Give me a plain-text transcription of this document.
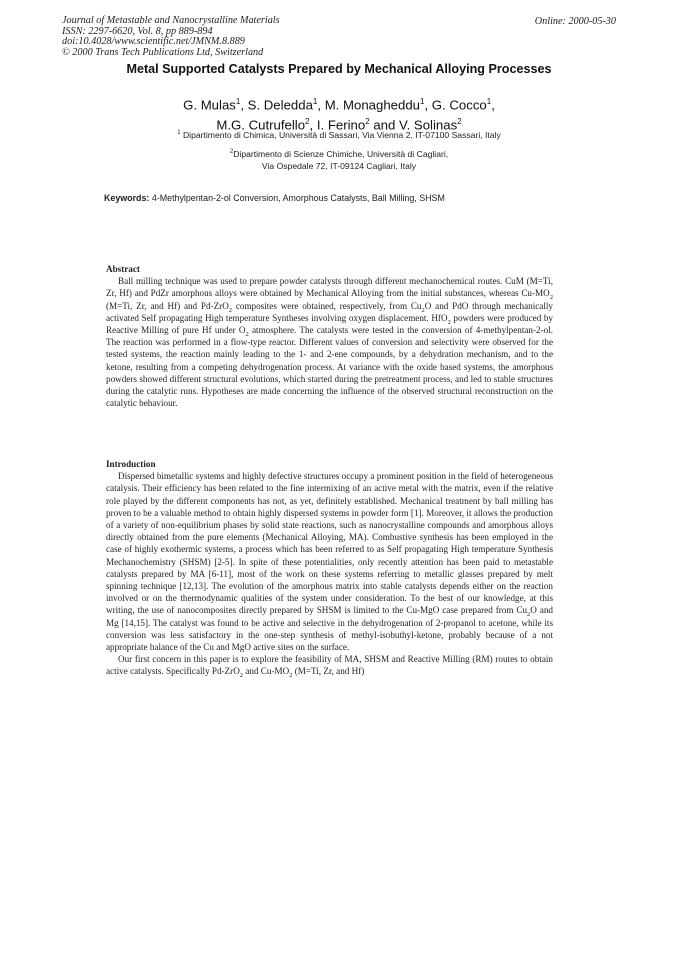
Journal of Metastable and Nanocrystalline Materials
ISSN: 2297-6620, Vol. 8, pp 889-894
doi:10.4028/www.scientific.net/JMNM.8.889
© 2000 Trans Tech Publications Ltd, Switzerland
Online: 2000-05-30
Metal Supported Catalysts Prepared by Mechanical Alloying Processes
G. Mulas$^1$, S. Deledda$^1$, M. Monagheddu$^1$, G. Cocco$^1$,
M.G. Cutrufello$^2$, I. Ferino$^2$ and V. Solinas$^2$
$^1$ Dipartimento di Chimica, Università di Sassari, Via Vienna 2, IT-07100 Sassari, Italy
$^2$Dipartimento di Scienze Chimiche, Università di Cagliari,
Via Ospedale 72, IT-09124 Cagliari, Italy
Keywords: 4-Methylpentan-2-ol Conversion, Amorphous Catalysts, Ball Milling, SHSM
Abstract

Ball milling technique was used to prepare powder catalysts through different mechanochemical routes. CuM (M=Ti, Zr, Hf) and PdZr amorphous alloys were obtained by Mechanical Alloying from the initial substances, whereas $Cu-MO_2$ (M=Ti, Zr, and Hf) and Pd-ZrO$_2$ composites were obtained, respectively, from $Cu_2O$ and PdO through mechanically activated Self propagating High temperature Syntheses involving oxygen displacement. HfO$_2$ powders were produced by Reactive Milling of pure Hf under $O_2$ atmosphere. The catalysts were tested in the conversion of 4-methylpentan-2-ol. The reaction was performed in a flow-type reactor. Different values of conversion and selectivity were observed for the tested systems, the reaction mainly leading to the 1- and 2-ene compounds, by a dehydration mechanism, and to the ketone, resulting from a competing dehydrogenation process. At variance with the oxide based systems, the amorphous powders showed different structural evolutions, which started during the pretreatment process, and led to stable structures during the catalytic runs. Hypotheses are made concerning the influence of the observed structural reconstruction on the catalytic behaviour.

Introduction

Dispersed bimetallic systems and highly defective structures occupy a prominent position in the field of heterogeneous catalysis. Their efficiency has been related to the fine intermixing of an active metal with the matrix, even if the relative role played by the different components has not, as yet, definitely established. Mechanical treatment by ball milling has proven to be a valuable method to obtain highly dispersed systems in powder form [1]. Moreover, it allows the production of a variety of non-equilibrium phases by solid state reactions, such as nanocrystalline compounds and amorphous alloys directly obtained from the pure elements (Mechanical Alloying, MA). Combustive synthesis has been employed in the case of highly exothermic systems, a process which has been referred to as Self propagating High temperature Synthesis Mechanochemistry (SHSM) [2-5]. In spite of these potentialities, only recently attention has been paid to metastable catalysts prepared by MA [6-11], most of the work on these systems referring to metallic glasses prepared by melt spinning technique [12,13]. The evolution of the amorphous matrix into stable catalysts depends either on the reaction involved or on the thermodynamic qualities of the system under consideration. To the best of our knowledge, at this writing, the use of nanocomposites directly prepared by SHSM is limited to the Cu-MgO case prepared from $Cu_2O$ and Mg [14,15]. The catalyst was found to be active and selective in the dehydrogenation of 2-propanol to acetone, while its conversion was less satisfactory in the one-step synthesis of methyl-isobuthyl-ketone, probably because of a not appropriate balance of the Cu and MgO active sites on the surface.

Our first concern in this paper is to explore the feasibility of MA, SHSM and Reactive Milling (RM) routes to obtain active catalysts. Specifically Pd-ZrO$_2$ and $Cu-MO_2$ (M=Ti, Zr, and Hf)
